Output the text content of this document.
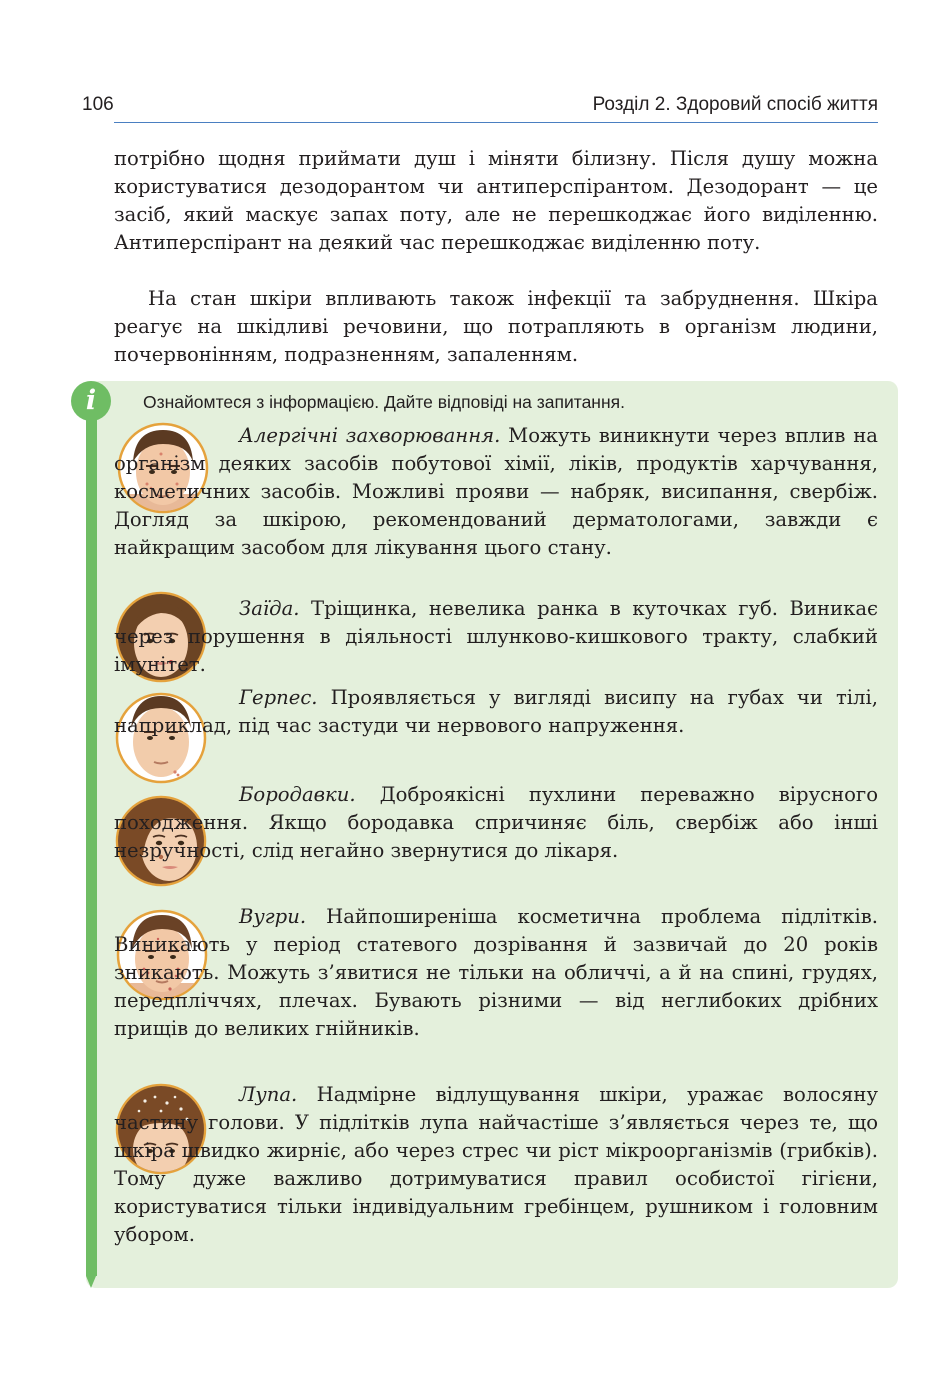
106	Розділ 2. Здоровий спосіб життя

потрібно щодня приймати душ і міняти білизну. Після душу можна користуватися дезодорантом чи антиперспірантом. Дезодорант — це засіб, який маскує запах поту, але не перешкоджає його виділенню. Антиперспірант на деякий час перешкоджає виділенню поту.

На стан шкіри впливають також інфекції та забруднення. Шкіра реагує на шкідливі речовини, що потрапляють в організм людини, почервонінням, подразненням, запаленням.

i	Ознайомтеся з інформацією. Дайте відповіді на запитання.
Алергічні захворювання. Можуть виникнути через вплив на організм деяких засобів побутової хімії, ліків, продуктів харчування, косметичних засобів. Можливі прояви — набряк, висипання, свербіж. Догляд за шкірою, рекомендований дерматологами, завжди є найкращим засобом для лікування цього стану.
Заїда. Тріщинка, невелика ранка в куточках губ. Виникає через порушення в діяльності шлунково-кишкового тракту, слабкий імунітет.
Герпес. Проявляється у вигляді висипу на губах чи тілі, наприклад, під час застуди чи нервового напруження.
Бородавки. Доброякісні пухлини переважно вірусного походження. Якщо бородавка спричиняє біль, свербіж або інші незручності, слід негайно звернутися до лікаря.
Вугри. Найпоширеніша косметична проблема підлітків. Виникають у період статевого дозрівання й зазвичай до 20 років зникають. Можуть з’явитися не тільки на обличчі, а й на спині, грудях, передпліччях, плечах. Бувають різними — від неглибоких дрібних прищів до великих гнійників.
Лупа. Надмірне відлущування шкіри, уражає волосяну частину голови. У підлітків лупа найчастіше з’являється через те, що шкіра швидко жирніє, або через стрес чи ріст мікроорганізмів (грибків). Тому дуже важливо дотримуватися правил особистої гігієни, користуватися тільки індивідуальним гребінцем, рушником і головним убором.
